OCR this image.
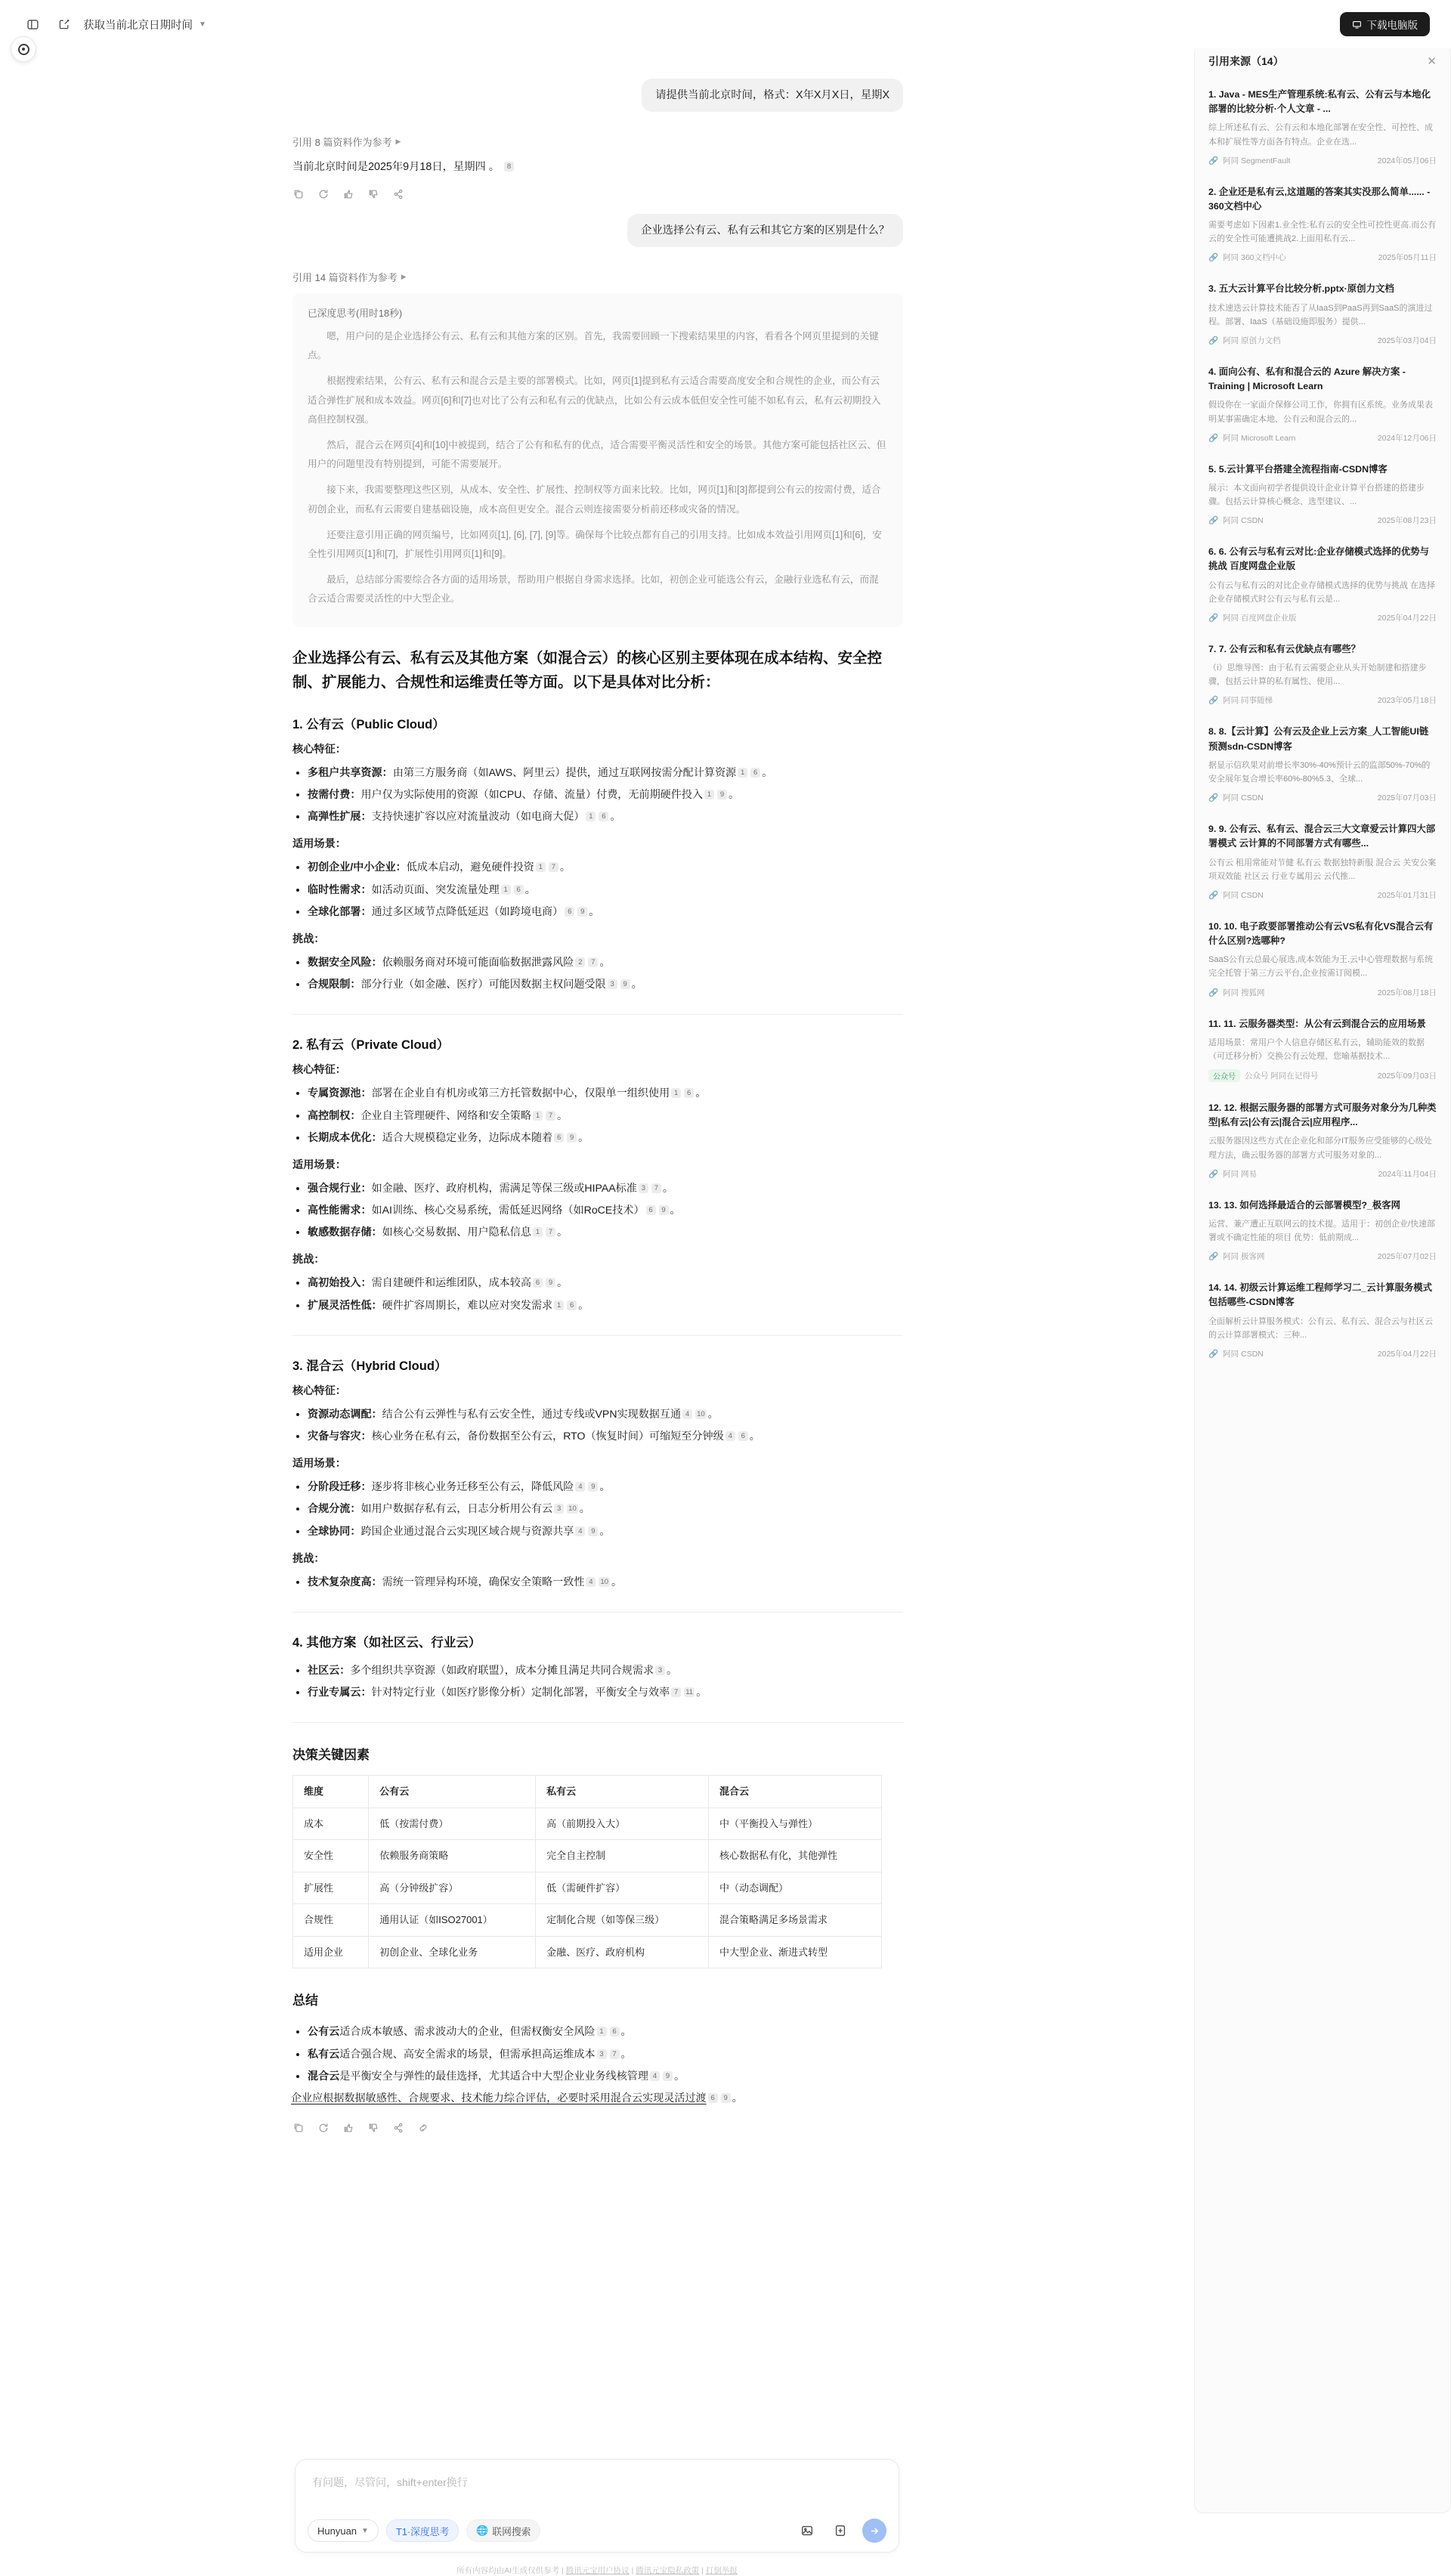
获取当前北京日期时间 ▼	下载电脑版
请提供当前北京时间，格式：X年X月X日，星期X
引用 8 篇资料作为参考 ▶

当前北京时间是2025年9月18日，星期四 。 8

企业选择公有云、私有云和其它方案的区别是什么？
引用 14 篇资料作为参考 ▶
已深度思考(用时18秒)

嗯，用户问的是企业选择公有云、私有云和其他方案的区别。首先，我需要回顾一下搜索结果里的内容，看看各个网页里提到的关键点。

根据搜索结果，公有云、私有云和混合云是主要的部署模式。比如，网页[1]提到私有云适合需要高度安全和合规性的企业，而公有云适合弹性扩展和成本效益。网页[6]和[7]也对比了公有云和私有云的优缺点，比如公有云成本低但安全性可能不如私有云，私有云初期投入高但控制权强。

然后，混合云在网页[4]和[10]中被提到，结合了公有和私有的优点，适合需要平衡灵活性和安全的场景。其他方案可能包括社区云、但用户的问题里没有特别提到，可能不需要展开。

接下来，我需要整理这些区别，从成本、安全性、扩展性、控制权等方面来比较。比如，网页[1]和[3]都提到公有云的按需付费，适合初创企业，而私有云需要自建基础设施，成本高但更安全。混合云则连接需要分析前还移或灾备的情况。

还要注意引用正确的网页编号，比如网页[1], [6], [7], [9]等。确保每个比较点都有自己的引用支持。比如成本效益引用网页[1]和[6]，安全性引用网页[1]和[7]，扩展性引用网页[1]和[9]。

最后，总结部分需要综合各方面的适用场景，帮助用户根据自身需求选择。比如，初创企业可能选公有云，金融行业选私有云，而混合云适合需要灵活性的中大型企业。

企业选择公有云、私有云及其他方案（如混合云）的核心区别主要体现在成本结构、安全控制、扩展能力、合规性和运维责任等方面。以下是具体对比分析：
1. 公有云（Public Cloud）
核心特征：
• 多租户共享资源：由第三方服务商（如AWS、阿里云）提供，通过互联网按需分配计算资源 1 6 。
• 按需付费：用户仅为实际使用的资源（如CPU、存储、流量）付费，无前期硬件投入 1 9 。
• 高弹性扩展：支持快速扩容以应对流量波动（如电商大促） 1 6 。
适用场景：
• 初创企业/中小企业：低成本启动，避免硬件投资 1 7 。
• 临时性需求：如活动页面、突发流量处理 1 6 。
• 全球化部署：通过多区域节点降低延迟（如跨境电商） 6 9 。
挑战：
• 数据安全风险：依赖服务商对环境可能面临数据泄露风险 2 7 。
• 合规限制：部分行业（如金融、医疗）可能因数据主权问题受限 3 9 。
2. 私有云（Private Cloud）
核心特征：
• 专属资源池：部署在企业自有机房或第三方托管数据中心，仅限单一组织使用 1 6 。
• 高控制权：企业自主管理硬件、网络和安全策略 1 7 。
• 长期成本优化：适合大规模稳定业务，边际成本随着 6 9 。
适用场景：
• 强合规行业：如金融、医疗、政府机构，需满足等保三级或HIPAA标准 3 7 。
• 高性能需求：如AI训练、核心交易系统，需低延迟网络（如RoCE技术） 6 9 。
• 敏感数据存储：如核心交易数据、用户隐私信息 1 7 。
挑战：
• 高初始投入：需自建硬件和运维团队，成本较高 6 9 。
• 扩展灵活性低：硬件扩容周期长，难以应对突发需求 1 6 。
3. 混合云（Hybrid Cloud）
核心特征：
• 资源动态调配：结合公有云弹性与私有云安全性，通过专线或VPN实现数据互通 4 10 。
• 灾备与容灾：核心业务在私有云，备份数据至公有云，RTO（恢复时间）可缩短至分钟级 4 6 。
适用场景：
• 分阶段迁移：逐步将非核心业务迁移至公有云，降低风险 4 9 。
• 合规分流：如用户数据存私有云，日志分析用公有云 3 10 。
• 全球协同：跨国企业通过混合云实现区域合规与资源共享 4 9 。
挑战：
• 技术复杂度高：需统一管理异构环境，确保安全策略一致性 4 10 。
4. 其他方案（如社区云、行业云）
• 社区云：多个组织共享资源（如政府联盟），成本分摊且满足共同合规需求 3 。
• 行业专属云：针对特定行业（如医疗影像分析）定制化部署，平衡安全与效率 7 11 。
决策关键因素
维度	公有云	私有云	混合云
成本	低（按需付费）	高（前期投入大）	中（平衡投入与弹性）
安全性	依赖服务商策略	完全自主控制	核心数据私有化，其他弹性
扩展性	高（分钟级扩容）	低（需硬件扩容）	中（动态调配）
合规性	通用认证（如ISO27001）	定制化合规（如等保三级）	混合策略满足多场景需求
适用企业	初创企业、全球化业务	金融、医疗、政府机构	中大型企业、渐进式转型
总结
• 公有云适合成本敏感、需求波动大的企业，但需权衡安全风险 1 6 。
• 私有云适合强合规、高安全需求的场景，但需承担高运维成本 3 7 。
• 混合云是平衡安全与弹性的最佳选择，尤其适合中大型企业业务线核管理 4 9 。
企业应根据数据敏感性、合规要求、技术能力综合评估，必要时采用混合云实现灵活过渡 6 9 。
有问题，尽管问，shift+enter换行
Hunyuan ▼	T1·深度思考	🌐 联网搜索
所有内容均由AI生成仅供参考 | 腾讯元宝用户协议 | 腾讯元宝隐私政策 | 打倒举报
引用来源（14）	✕
1. Java - MES生产管理系统:私有云、公有云与本地化部署的比较分析·个人文章 - ...
综上所述私有云、公有云和本地化部署在安全性、可控性、成本和扩展性等方面各有特点。企业在选...
🔗 阿同 SegmentFault	2024年05月06日
2. 企业还是私有云,这道题的答案其实没那么简单...... - 360文档中心
需要考虑如下因素1.业全性:私有云的安全性可控性更高.而公有云的安全性可能遭挑战2.上面用私有云...
🔗 阿同 360文档中心	2025年05月11日
3. 五大云计算平台比较分析.pptx·原创力文档
技术速迭云计算技术能否了从IaaS到PaaS再到SaaS的演进过程。部署、IaaS（基础设施即服务）提供...
🔗 阿同 原创力文档	2025年03月04日
4. 面向公有、私有和混合云的 Azure 解决方案 - Training | Microsoft Learn
假设你在一家面介保修公司工作，你拥有区系统。业务成果表明某事需确定本地、公有云和混合云的...
🔗 阿同 Microsoft Learn	2024年12月06日
5. 5.云计算平台搭建全流程指南-CSDN博客
展示：本文面向初学者提供设计企业计算平台搭建的搭建步骤。包括云计算核心概念、选型建议、...
🔗 阿同 CSDN	2025年08月23日
6. 6. 公有云与私有云对比:企业存储模式选择的优势与挑战 百度网盘企业版
公有云与私有云的对比企业存储模式选择的优势与挑战 在选择企业存储模式时公有云与私有云是...
🔗 阿同 百度网盘企业版	2025年04月22日
7. 7. 公有云和私有云优缺点有哪些？
（i）思维导图：由于私有云需要企业从头开始制建和搭建步骤，包括云计算的私有属性、使用...
🔗 阿同 同事随梯	2023年05月18日
8. 8.【云计算】公有云及企业上云方案_人工智能UI链预测sdn-CSDN博客
据显示信玖果对前增长率30%-40%预计云的监部50%-70%的安全展年复合增长率60%-80%5.3、全球...
🔗 阿同 CSDN	2025年07月03日
9. 9. 公有云、私有云、混合云三大文章爱云计算四大部署模式 云计算的不同部署方式有哪些...
公有云 租用常能对节健 私有云 数据独特新服 混合云 关安公案项双效能 社区云 行业专属用云 云代推...
🔗 阿同 CSDN	2025年01月31日
10. 10. 电子政要部署推动公有云VS私有化VS混合云有什么区别?选哪种?
SaaS公有云总最心展选,成本效能为王.云中心管理数据与系统完全托管于第三方云平台,企业按需订阅模...
🔗 阿同 搜狐网	2025年08月18日
11. 11. 云服务器类型：从公有云到混合云的应用场景
适用场景：常用户个人信息存储区私有云，辅助能效的数据（可迁移分析）交换公有云处理、您喻基据技术...
公众号	公众号 阿同在记得号	2025年09月03日
12. 12. 根据云服务器的部署方式可服务对象分为几种类型|私有云|公有云|混合云|应用程序...
云服务器因这些方式在企业化和部分IT服务应受能够的心级处理方法，确云服务器的部署方式可服务对象的...
🔗 阿同 网易	2024年11月04日
13. 13. 如何选择最适合的云部署模型?_极客网
运营、兼产遭正互联网云的技术提。适用于：初创企业/快速部署或不确定性能的项目 优势：低前期成...
🔗 阿同 极客网	2025年07月02日
14. 14. 初级云计算运维工程师学习二_云计算服务模式包括哪些-CSDN博客
全面解析云计算服务模式：公有云、私有云、混合云与社区云的云计算部署模式：三种...
🔗 阿同 CSDN	2025年04月22日
